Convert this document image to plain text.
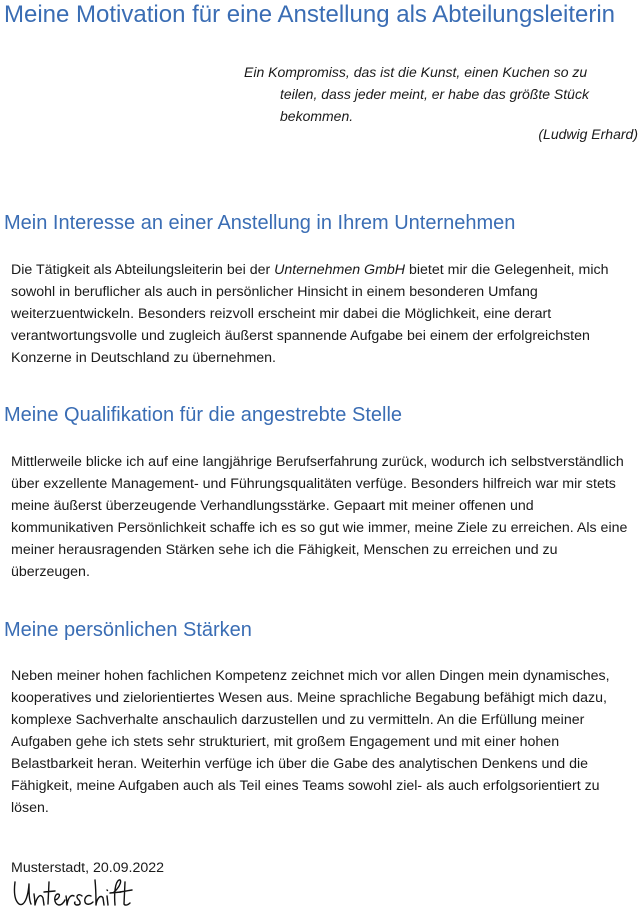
Meine Motivation für eine Anstellung als Abteilungsleiterin
Ein Kompromiss, das ist die Kunst, einen Kuchen so zu
teilen, dass jeder meint, er habe das größte Stück
bekommen.
(Ludwig Erhard)
Mein Interesse an einer Anstellung in Ihrem Unternehmen

Die Tätigkeit als Abteilungsleiterin bei der Unternehmen GmbH bietet mir die Gelegenheit, mich sowohl in beruflicher als auch in persönlicher Hinsicht in einem besonderen Umfang weiterzuentwickeln. Besonders reizvoll erscheint mir dabei die Möglichkeit, eine derart verantwortungsvolle und zugleich äußerst spannende Aufgabe bei einem der erfolgreichsten Konzerne in Deutschland zu übernehmen.

Meine Qualifikation für die angestrebte Stelle

Mittlerweile blicke ich auf eine langjährige Berufserfahrung zurück, wodurch ich selbstverständlich über exzellente Management- und Führungsqualitäten verfüge. Besonders hilfreich war mir stets meine äußerst überzeugende Verhandlungsstärke. Gepaart mit meiner offenen und kommunikativen Persönlichkeit schaffe ich es so gut wie immer, meine Ziele zu erreichen. Als eine meiner herausragenden Stärken sehe ich die Fähigkeit, Menschen zu erreichen und zu überzeugen.

Meine persönlichen Stärken

Neben meiner hohen fachlichen Kompetenz zeichnet mich vor allen Dingen mein dynamisches, kooperatives und zielorientiertes Wesen aus. Meine sprachliche Begabung befähigt mich dazu, komplexe Sachverhalte anschaulich darzustellen und zu vermitteln. An die Erfüllung meiner Aufgaben gehe ich stets sehr strukturiert, mit großem Engagement und mit einer hohen Belastbarkeit heran. Weiterhin verfüge ich über die Gabe des analytischen Denkens und die Fähigkeit, meine Aufgaben auch als Teil eines Teams sowohl ziel- als auch erfolgsorientiert zu lösen.

Musterstadt, 20.09.2022
